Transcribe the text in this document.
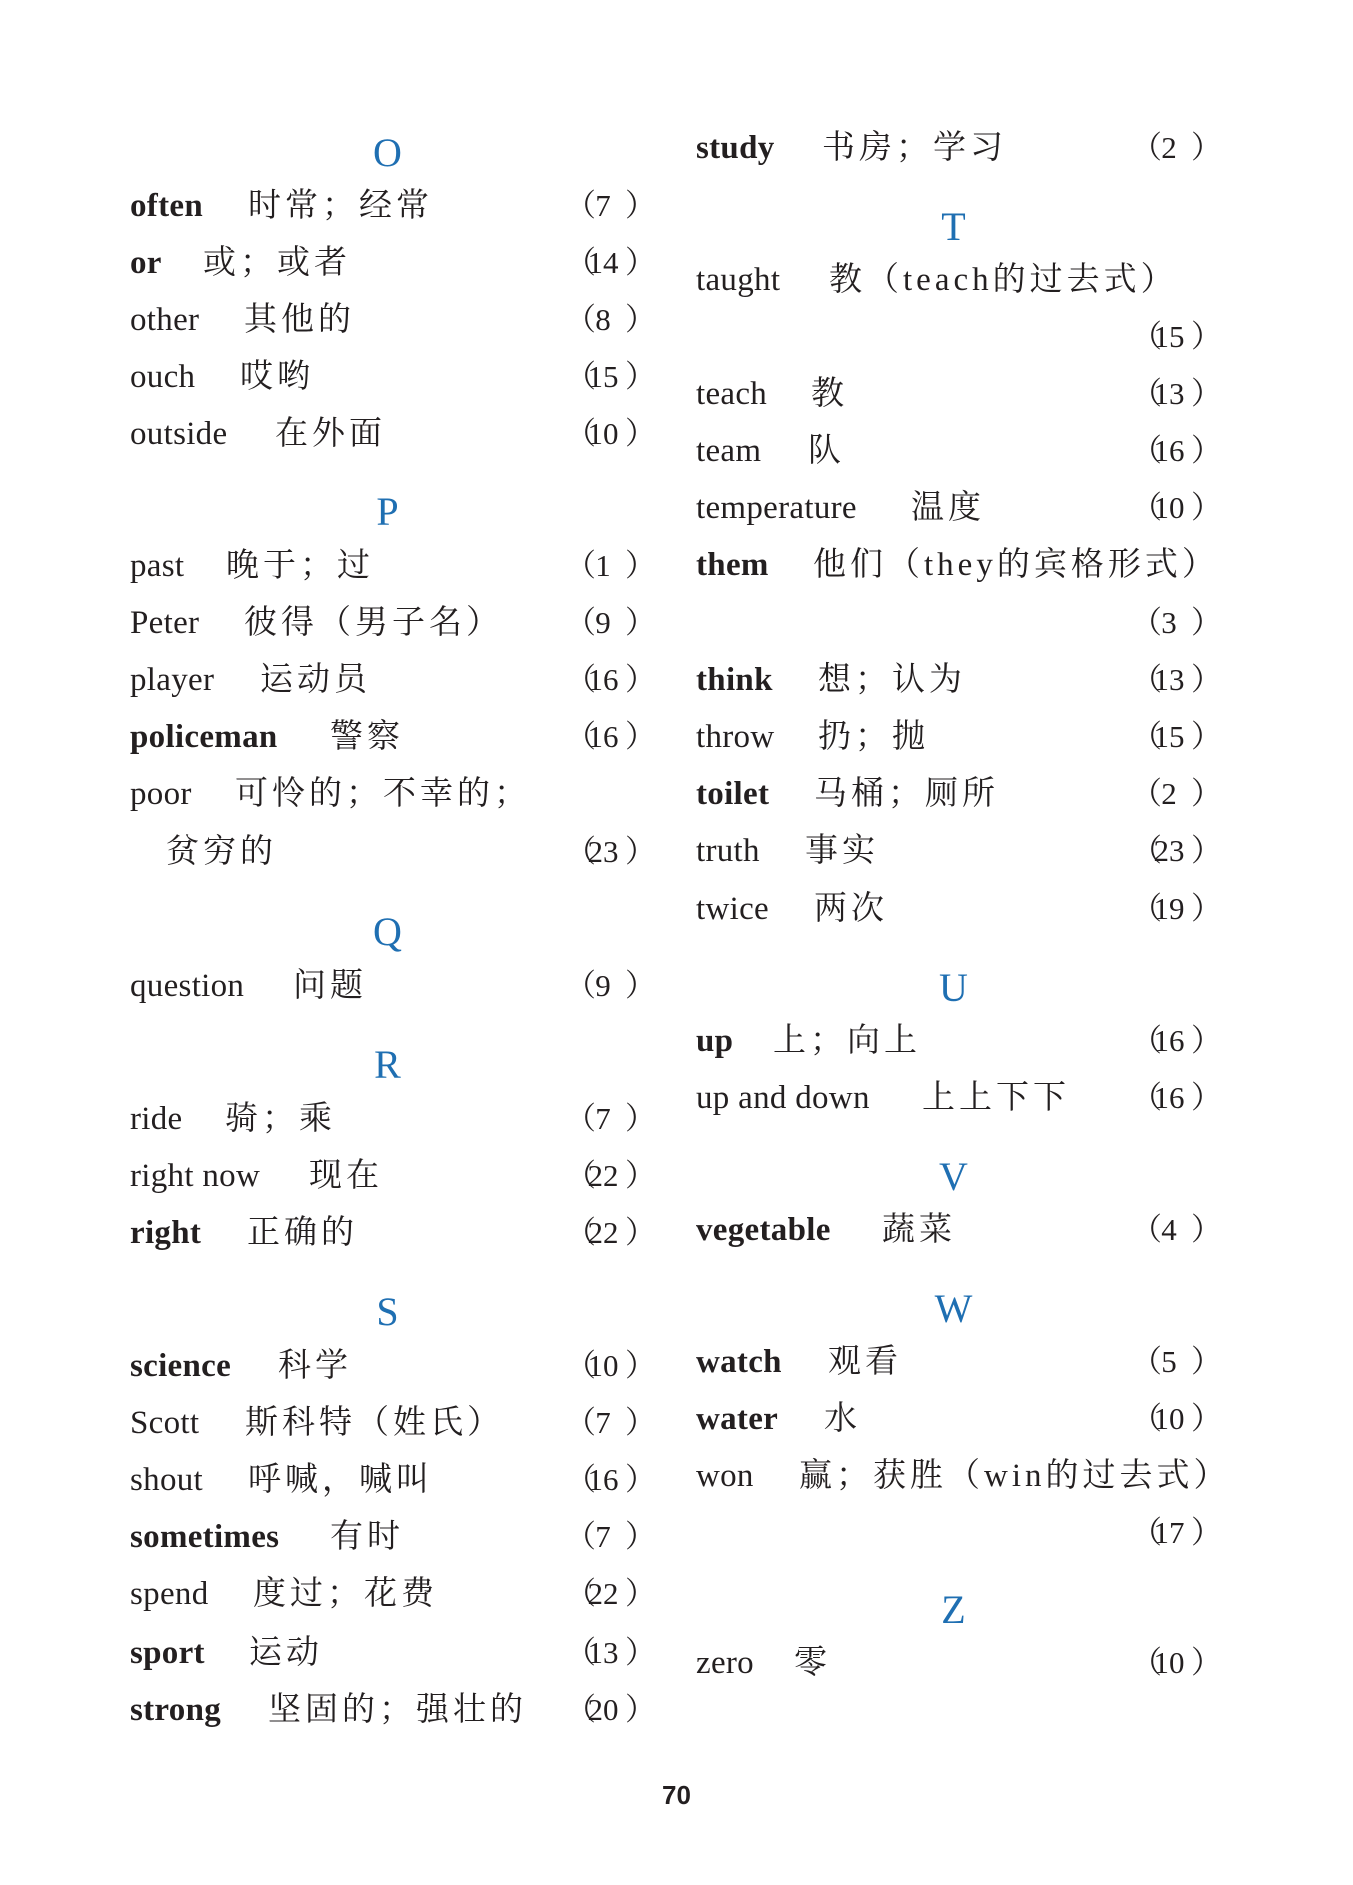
O
often 时常；经常	（7 ）
or 或；或者	（14 ）
other 其他的	（8 ）
ouch 哎哟	（15 ）
outside 在外面	（10 ）
P
past 晚于；过	（1 ）
Peter 彼得（男子名） （9 ）
player 运动员	（16 ）
policeman 警察	（16 ）
poor 可怜的；不幸的；
贫穷的	（23 ）
Q
question 问题	（9 ）
R
ride 骑；乘	（7 ）
right now 现在	（22 ）
right 正确的	（22 ）
S
science 科学	（10 ）
Scott 斯科特（姓氏） （7 ）
shout 呼喊，喊叫	（16 ）
sometimes 有时	（7 ）
spend 度过；花费	（22 ）
sport 运动	（13 ）
strong 坚固的；强壮的 （20 ）
study 书房；学习	（2 ）
T
taught 教（teach的过去式）
（15 ）
teach 教	（13 ）
team 队	（16 ）
temperature 温度	（10 ）
them 他们（they的宾格形式）
（3 ）
think 想；认为	（13 ）
throw 扔；抛	（15 ）
toilet 马桶；厕所	（2 ）
truth 事实	（23 ）
twice 两次	（19 ）
U
up 上；向上	（16 ）
up and down 上上下下 （16 ）
V
vegetable 蔬菜	（4 ）
W
watch 观看	（5 ）
water 水	（10 ）
won 赢；获胜（win的过去式）
（17 ）
Z
zero 零	（10 ）
70
